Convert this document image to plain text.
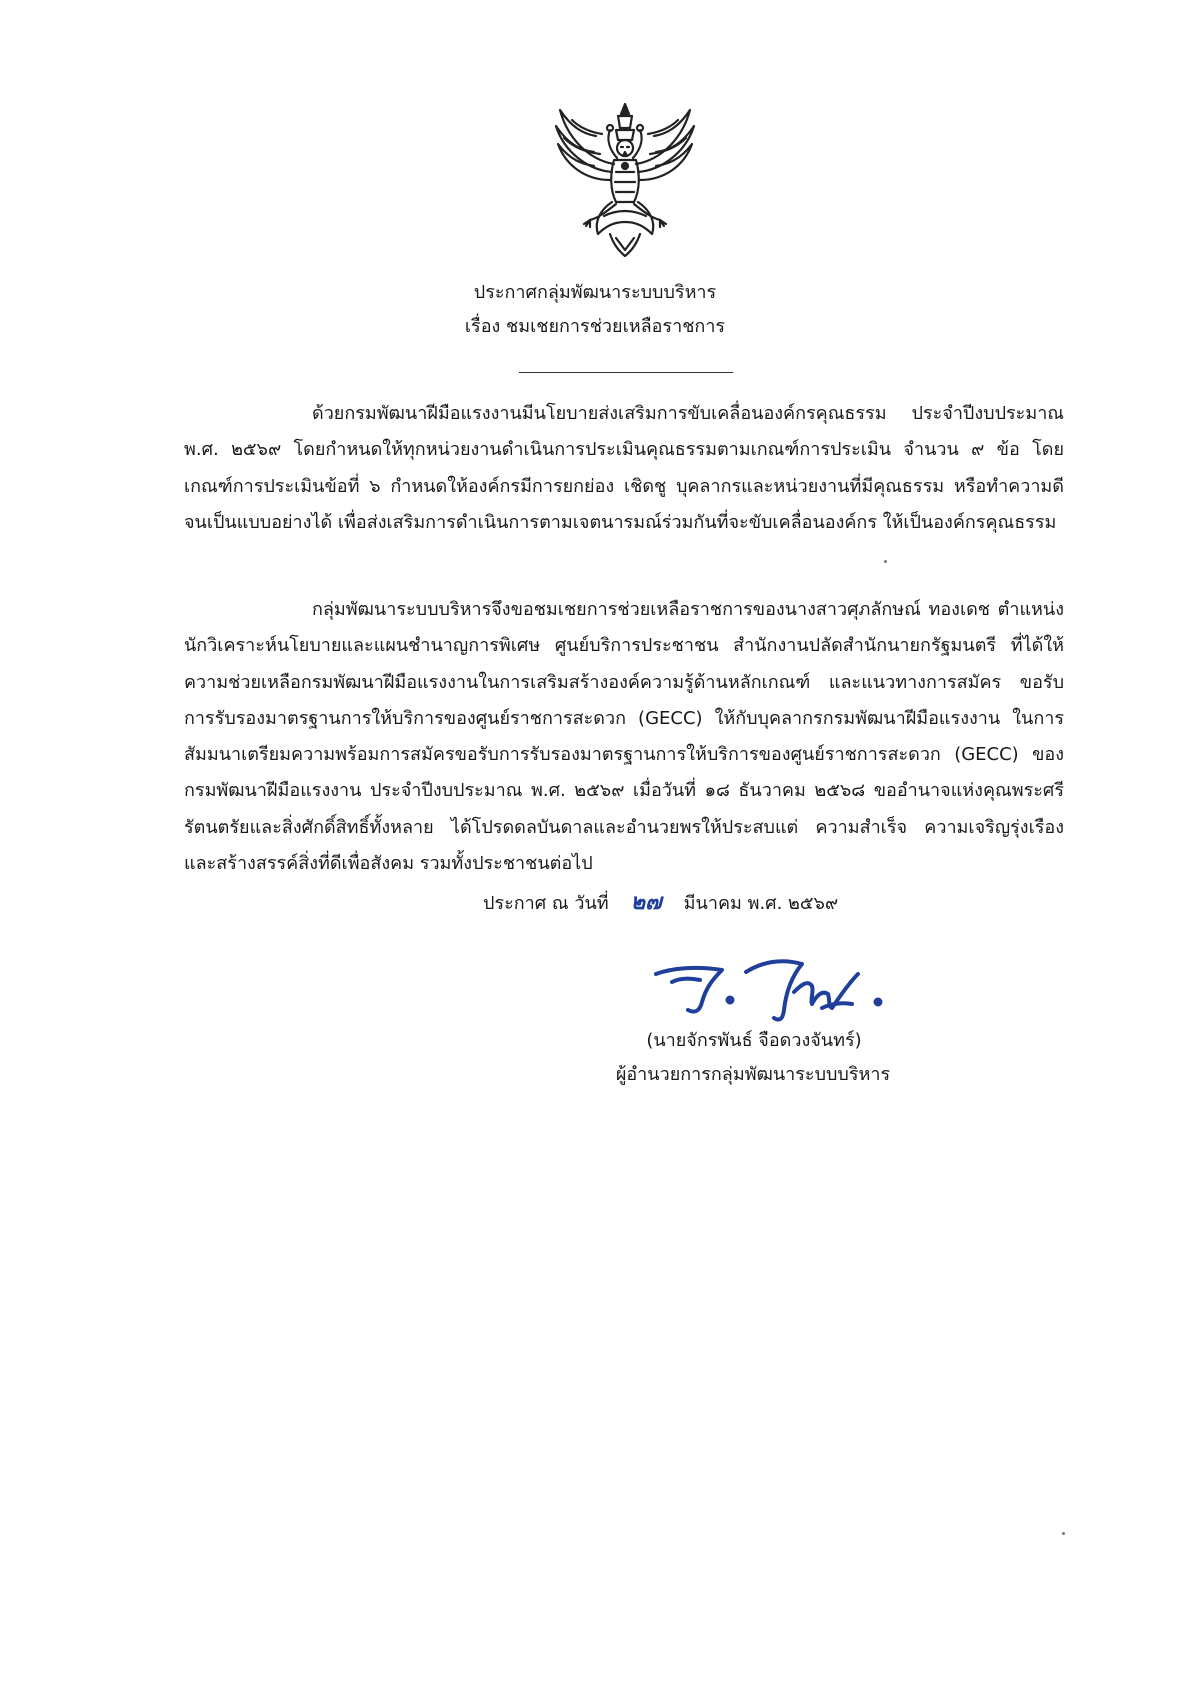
ประกาศกลุ่มพัฒนาระบบบริหาร
เรื่อง ชมเชยการช่วยเหลือราชการ

ด้วยกรมพัฒนาฝีมือแรงงานมีนโยบายส่งเสริมการขับเคลื่อนองค์กรคุณธรรม ประจำปีงบประมาณ พ.ศ. ๒๕๖๙ โดยกำหนดให้ทุกหน่วยงานดำเนินการประเมินคุณธรรมตามเกณฑ์การประเมิน จำนวน ๙ ข้อ โดยเกณฑ์การประเมินข้อที่ ๖ กำหนดให้องค์กรมีการยกย่อง เชิดชู บุคลากรและหน่วยงานที่มีคุณธรรม หรือทำความดีจนเป็นแบบอย่างได้ เพื่อส่งเสริมการดำเนินการตามเจตนารมณ์ร่วมกันที่จะขับเคลื่อนองค์กร ให้เป็นองค์กรคุณธรรม

กลุ่มพัฒนาระบบบริหารจึงขอชมเชยการช่วยเหลือราชการของนางสาวศุภลักษณ์ ทองเดช ตำแหน่ง นักวิเคราะห์นโยบายและแผนชำนาญการพิเศษ ศูนย์บริการประชาชน สำนักงานปลัดสำนักนายกรัฐมนตรี ที่ได้ให้ความช่วยเหลือกรมพัฒนาฝีมือแรงงานในการเสริมสร้างองค์ความรู้ด้านหลักเกณฑ์ และแนวทางการสมัคร ขอรับการรับรองมาตรฐานการให้บริการของศูนย์ราชการสะดวก (GECC) ให้กับบุคลากรกรมพัฒนาฝีมือแรงงาน ในการสัมมนาเตรียมความพร้อมการสมัครขอรับการรับรองมาตรฐานการให้บริการของศูนย์ราชการสะดวก (GECC) ของกรมพัฒนาฝีมือแรงงาน ประจำปีงบประมาณ พ.ศ. ๒๕๖๙ เมื่อวันที่ ๑๘ ธันวาคม ๒๕๖๘ ขออำนาจแห่งคุณพระศรีรัตนตรัยและสิ่งศักดิ์สิทธิ์ทั้งหลาย ได้โปรดดลบันดาลและอำนวยพรให้ประสบแต่ ความสำเร็จ ความเจริญรุ่งเรือง และสร้างสรรค์สิ่งที่ดีเพื่อสังคม รวมทั้งประชาชนต่อไป

ประกาศ ณ วันที่ ๒๗ มีนาคม พ.ศ. ๒๕๖๙
(นายจักรพันธ์ จือดวงจันทร์)
ผู้อำนวยการกลุ่มพัฒนาระบบบริหาร
